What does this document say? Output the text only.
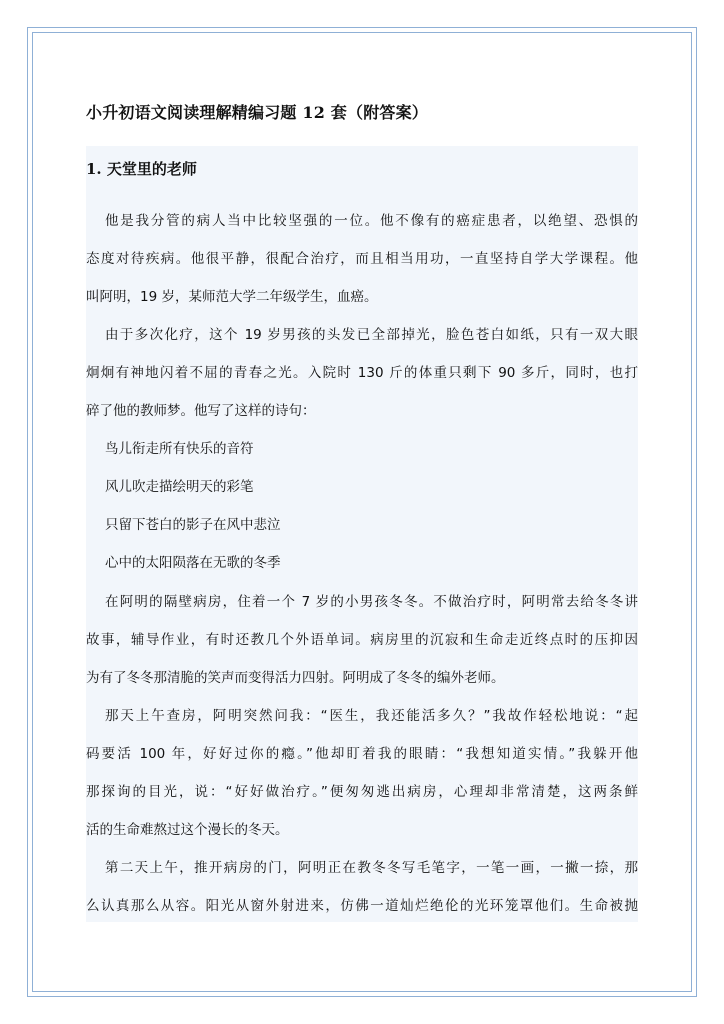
小升初语文阅读理解精编习题 12 套（附答案）
1. 天堂里的老师
他是我分管的病人当中比较坚强的一位。他不像有的癌症患者，以绝望、恐惧的
态度对待疾病。他很平静，很配合治疗，而且相当用功，一直坚持自学大学课程。他
叫阿明，19 岁，某师范大学二年级学生，血癌。
由于多次化疗，这个 19 岁男孩的头发已全部掉光，脸色苍白如纸，只有一双大眼
炯炯有神地闪着不屈的青春之光。入院时 130 斤的体重只剩下 90 多斤，同时，也打
碎了他的教师梦。他写了这样的诗句：
鸟儿衔走所有快乐的音符
风儿吹走描绘明天的彩笔
只留下苍白的影子在风中悲泣
心中的太阳陨落在无歌的冬季
在阿明的隔壁病房，住着一个 7 岁的小男孩冬冬。不做治疗时，阿明常去给冬冬讲
故事，辅导作业，有时还教几个外语单词。病房里的沉寂和生命走近终点时的压抑因
为有了冬冬那清脆的笑声而变得活力四射。阿明成了冬冬的编外老师。
那天上午查房，阿明突然问我：“医生，我还能活多久？”我故作轻松地说：“起
码要活 100 年，好好过你的瘾。”他却盯着我的眼睛：“我想知道实情。”我躲开他
那探询的目光，说：“好好做治疗。”便匆匆逃出病房，心理却非常清楚，这两条鲜
活的生命难熬过这个漫长的冬天。
第二天上午，推开病房的门，阿明正在教冬冬写毛笔字，一笔一画，一撇一捺，那
么认真那么从容。阳光从窗外射进来，仿佛一道灿烂绝伦的光环笼罩他们。生命被抛
